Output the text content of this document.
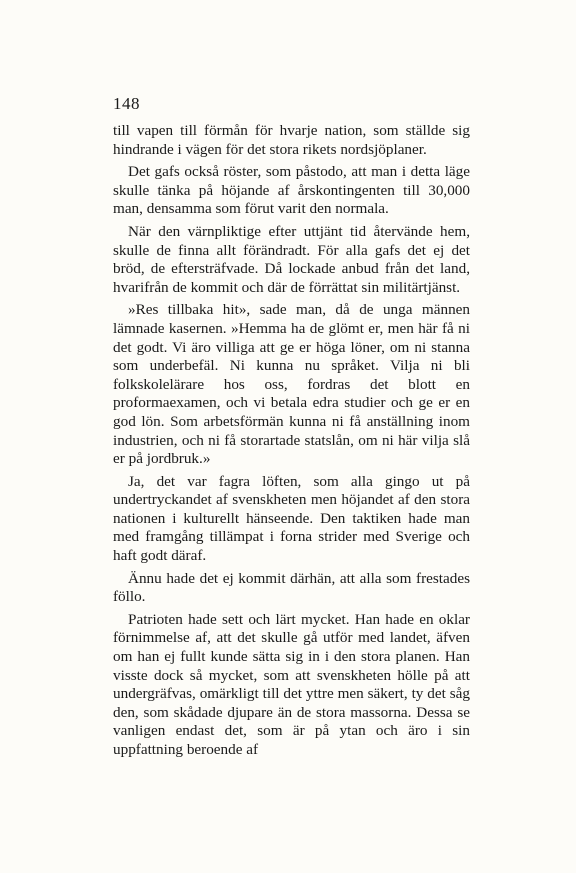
148

till vapen till förmån för hvarje nation, som ställde sig hindrande i vägen för det stora rikets nordsjöplaner.

Det gafs också röster, som påstodo, att man i detta läge skulle tänka på höjande af årskontingenten till 30,000 man, densamma som förut varit den normala.

När den värnpliktige efter uttjänt tid återvände hem, skulle de finna allt förändradt. För alla gafs det ej det bröd, de eftersträfvade. Då lockade anbud från det land, hvarifrån de kommit och där de förrättat sin militärtjänst.

»Res tillbaka hit», sade man, då de unga männen lämnade kasernen. »Hemma ha de glömt er, men här få ni det godt. Vi äro villiga att ge er höga löner, om ni stanna som underbefäl. Ni kunna nu språket. Vilja ni bli folkskolelärare hos oss, fordras det blott en proformaexamen, och vi betala edra studier och ge er en god lön. Som arbetsförmän kunna ni få anställning inom industrien, och ni få storartade statslån, om ni här vilja slå er på jordbruk.»

Ja, det var fagra löften, som alla gingo ut på undertryckandet af svenskheten men höjandet af den stora nationen i kulturellt hänseende. Den taktiken hade man med framgång tillämpat i forna strider med Sverige och haft godt däraf.

Ännu hade det ej kommit därhän, att alla som frestades föllo.

Patrioten hade sett och lärt mycket. Han hade en oklar förnimmelse af, att det skulle gå utför med landet, äfven om han ej fullt kunde sätta sig in i den stora planen. Han visste dock så mycket, som att svenskheten hölle på att undergräfvas, omärkligt till det yttre men säkert, ty det såg den, som skådade djupare än de stora massorna. Dessa se vanligen endast det, som är på ytan och äro i sin uppfattning beroende af
